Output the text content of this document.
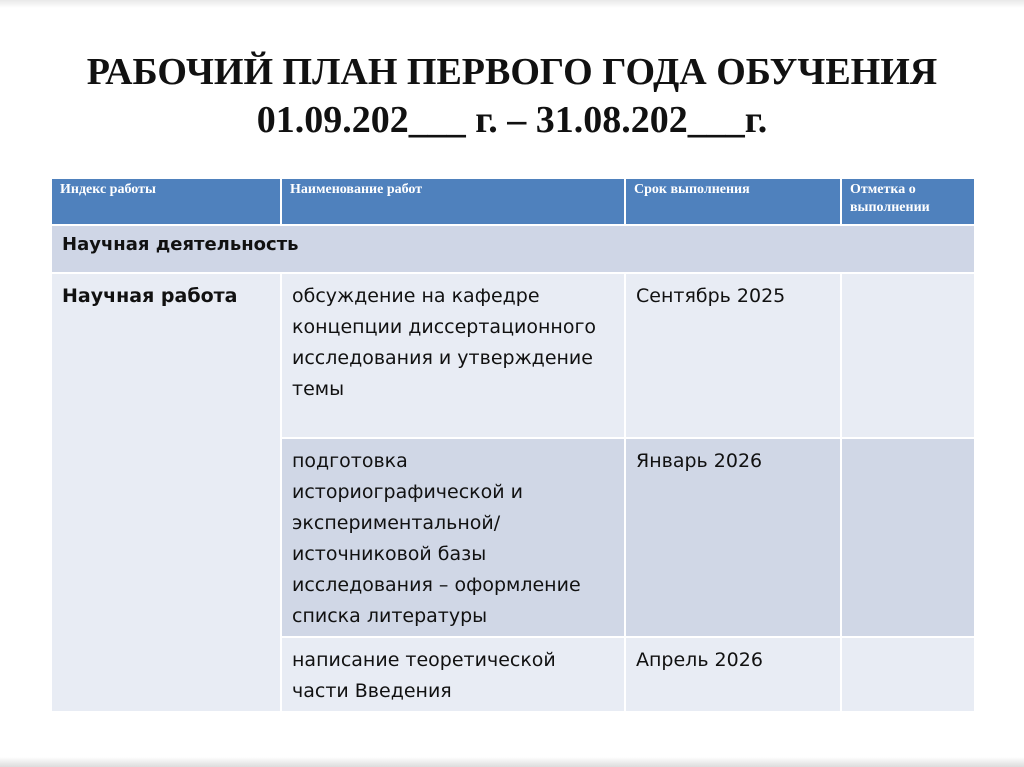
РАБОЧИЙ ПЛАН ПЕРВОГО ГОДА ОБУЧЕНИЯ
01.09.202___ г. – 31.08.202___г.
Индекс работы	Наименование работ	Срок выполнения	Отметка о выполнении
Научная деятельность			
Научная работа	обсуждение на кафедре концепции диссертационного исследования и утверждение темы	Сентябрь 2025	
	подготовка историографической и экспериментальной/ источниковой базы исследования – оформление списка литературы	Январь 2026	
	написание теоретической части Введения	Апрель 2026	
